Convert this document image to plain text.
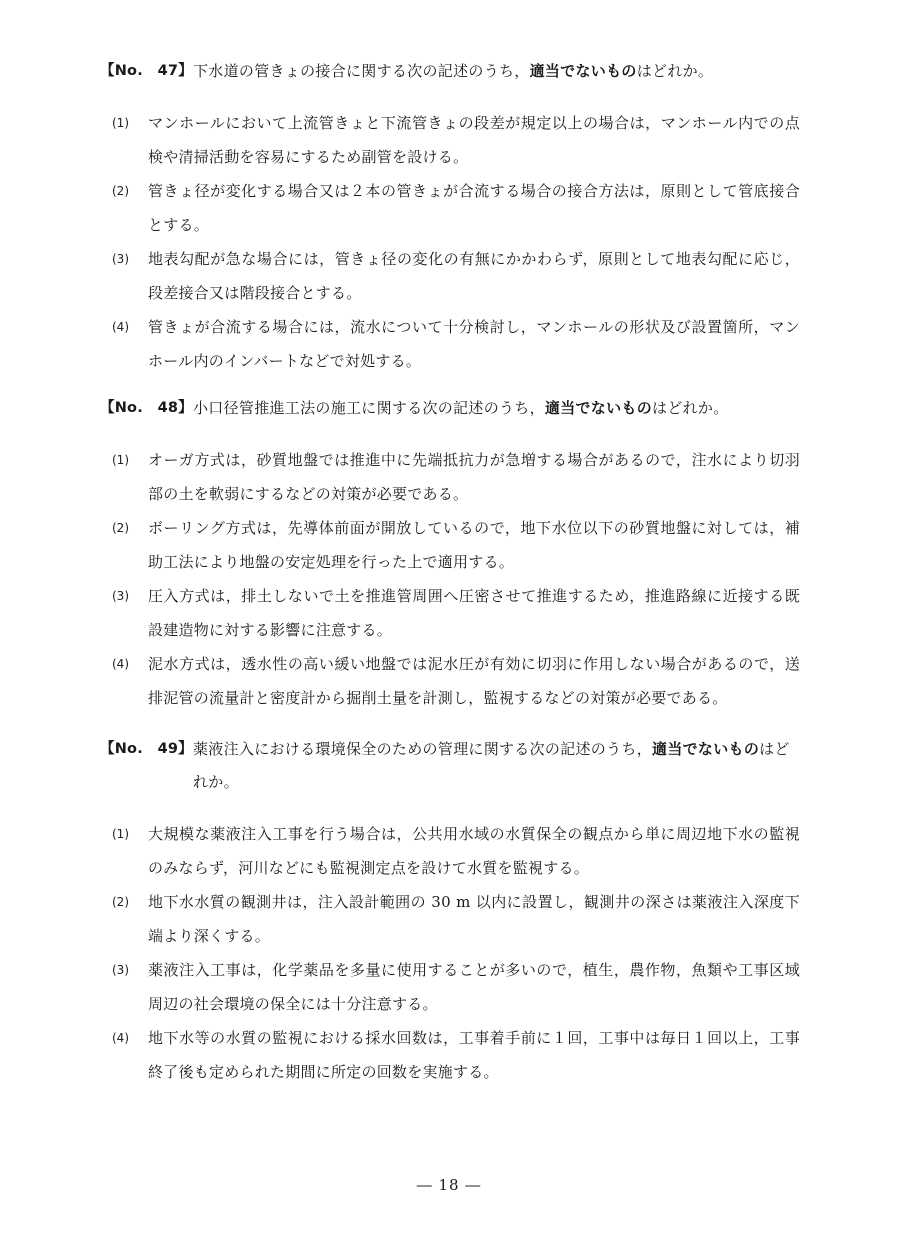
【No.　47】 下水道の管きょの接合に関する次の記述のうち，適当でないものはどれか。
(1)	マンホールにおいて上流管きょと下流管きょの段差が規定以上の場合は，マンホール内での点検や清掃活動を容易にするため副管を設ける。
(2)	管きょ径が変化する場合又は２本の管きょが合流する場合の接合方法は，原則として管底接合とする。
(3)	地表勾配が急な場合には，管きょ径の変化の有無にかかわらず，原則として地表勾配に応じ，段差接合又は階段接合とする。
(4)	管きょが合流する場合には，流水について十分検討し，マンホールの形状及び設置箇所，マンホール内のインバートなどで対処する。
【No.　48】 小口径管推進工法の施工に関する次の記述のうち，適当でないものはどれか。
(1)	オーガ方式は，砂質地盤では推進中に先端抵抗力が急増する場合があるので，注水により切羽部の土を軟弱にするなどの対策が必要である。
(2)	ボーリング方式は，先導体前面が開放しているので，地下水位以下の砂質地盤に対しては，補助工法により地盤の安定処理を行った上で適用する。
(3)	圧入方式は，排土しないで土を推進管周囲へ圧密させて推進するため，推進路線に近接する既設建造物に対する影響に注意する。
(4)	泥水方式は，透水性の高い緩い地盤では泥水圧が有効に切羽に作用しない場合があるので，送排泥管の流量計と密度計から掘削土量を計測し，監視するなどの対策が必要である。
【No.　49】 薬液注入における環境保全のための管理に関する次の記述のうち，適当でないものはどれか。
(1)	大規模な薬液注入工事を行う場合は，公共用水域の水質保全の観点から単に周辺地下水の監視のみならず，河川などにも監視測定点を設けて水質を監視する。
(2)	地下水水質の観測井は，注入設計範囲の 30 m 以内に設置し，観測井の深さは薬液注入深度下端より深くする。
(3)	薬液注入工事は，化学薬品を多量に使用することが多いので，植生，農作物，魚類や工事区域周辺の社会環境の保全には十分注意する。
(4)	地下水等の水質の監視における採水回数は，工事着手前に１回，工事中は毎日１回以上，工事終了後も定められた期間に所定の回数を実施する。
― 18 ―
